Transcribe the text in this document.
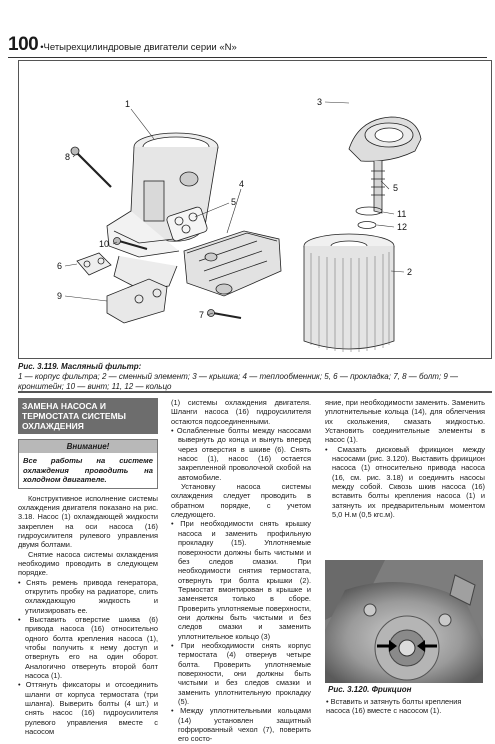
100 •Четырехцилиндровые двигатели серии «N»
1
2
3
4	5
5
6
7
8
9
10
11
12
Рис. 3.119. Масляный фильтр:
1 — корпус фильтра; 2 — сменный элемент; 3 — крышка; 4 — теплообменник; 5, 6 — прокладка; 7, 8 — болт; 9 — кронштейн; 10 — винт; 11, 12 — кольцо
ЗАМЕНА НАСОСА И ТЕРМОСТАТА СИСТЕМЫ ОХЛАЖДЕНИЯ
Внимание!
Все работы на системе охлаждения проводить на холодном двигателе.

Конструктивное исполнение системы охлаждения двигателя показано на рис. 3.18. Насос (1) охлаждающей жидкости закреплен на оси насоса (16) гидроусилителя рулевого управления двумя болтами.

Снятие насоса системы охлаждения необходимо проводить в следующем порядке.

• Снять ремень привода генератора, открутить пробку на радиаторе, слить охлаждающую жидкость и утилизировать ее.

• Выставить отверстие шкива (6) привода насоса (16) относительно одного болта крепления насоса (1), чтобы получить к нему доступ и отвернуть его на один оборот. Аналогично отвернуть второй болт насоса (1).

• Оттянуть фиксаторы и отсоединить шланги от корпуса термостата (три шланга). Выверить болты (4 шт.) и снять насос (16) гидроусилителя рулевого управления вместе с насосом

(1) системы охлаждения двигателя. Шланги насоса (16) гидроусилителя остаются подсоединенными.

• Ослабленные болты между насосами вывернуть до конца и вынуть вперед через отверстия в шкиве (6). Снять насос (1), насос (16) остается закрепленной проволочной скобой на автомобиле.

Установку насоса системы охлаждения следует проводить в обратном порядке, с учетом следующего.

• При необходимости снять крышку насоса и заменить профильную прокладку (15). Уплотняемые поверхности должны быть чистыми и без следов смазки. При необходимости снятия термостата, отвернуть три болта крышки (2). Термостат вмонтирован в крышке и заменяется только в сборе. Проверить уплотняемые поверхности, они должны быть чистыми и без следов смазки и заменить уплотнительное кольцо (3)

• При необходимости снять корпус термостата (4) отвернув четыре болта. Проверить уплотняемые поверхности, они должны быть чистыми и без следов смазки и заменить уплотнительную прокладку (5).

• Между уплотнительными кольцами (14) установлен защитный гофрированный чехол (7), поверить его состо-

яние, при необходимости заменить. Заменить уплотнительные кольца (14), для облегчения их скольжения, смазать жидкостью. Установить соединительные элементы в насос (1).

• Смазать дисковый фрикцион между насосами (рис. 3.120). Выставить фрикцион насоса (1) относительно привода насоса (16, см. рис. 3.18) и соединить насосы между собой. Сквозь шкив насоса (16) вставить болты крепления насоса (1) и затянуть их предварительным моментом 5,0 Н.м (0,5 кгс.м).

Рис. 3.120. Фрикцион
• Вставить и затянуть болты крепления насоса (16) вместе с насосом (1).
